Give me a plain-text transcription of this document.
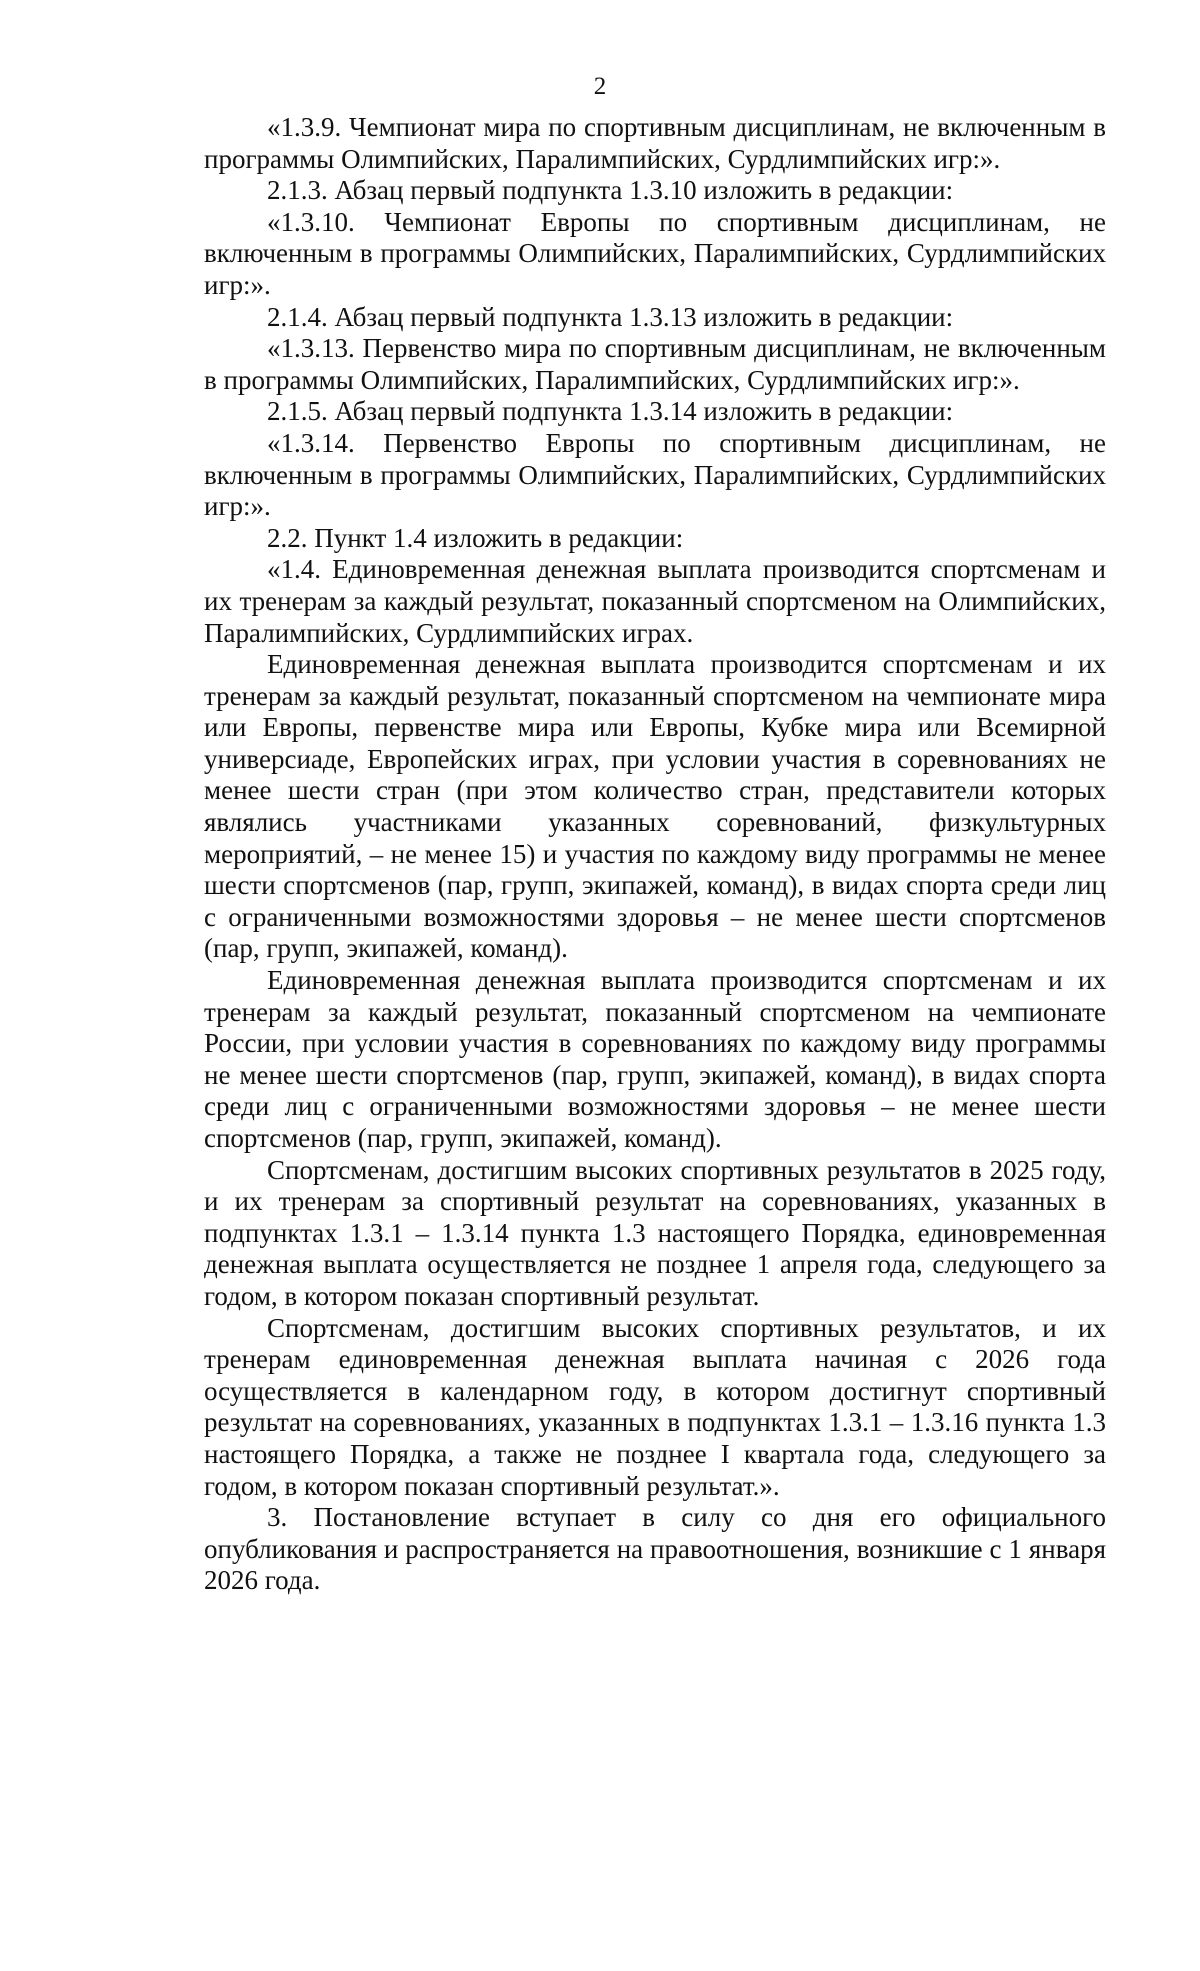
2

«1.3.9. Чемпионат мира по спортивным дисциплинам, не включенным в программы Олимпийских, Паралимпийских, Сурдлимпийских игр:».

2.1.3. Абзац первый подпункта 1.3.10 изложить в редакции:

«1.3.10. Чемпионат Европы по спортивным дисциплинам, не включенным в программы Олимпийских, Паралимпийских, Сурдлимпийских игр:».

2.1.4. Абзац первый подпункта 1.3.13 изложить в редакции:

«1.3.13. Первенство мира по спортивным дисциплинам, не включенным в программы Олимпийских, Паралимпийских, Сурдлимпийских игр:».

2.1.5. Абзац первый подпункта 1.3.14 изложить в редакции:

«1.3.14. Первенство Европы по спортивным дисциплинам, не включенным в программы Олимпийских, Паралимпийских, Сурдлимпийских игр:».

2.2. Пункт 1.4 изложить в редакции:

«1.4. Единовременная денежная выплата производится спортсменам и их тренерам за каждый результат, показанный спортсменом на Олимпийских, Паралимпийских, Сурдлимпийских играх.

Единовременная денежная выплата производится спортсменам и их тренерам за каждый результат, показанный спортсменом на чемпионате мира или Европы, первенстве мира или Европы, Кубке мира или Всемирной универсиаде, Европейских играх, при условии участия в соревнованиях не менее шести стран (при этом количество стран, представители которых являлись участниками указанных соревнований, физкультурных мероприятий, – не менее 15) и участия по каждому виду программы не менее шести спортсменов (пар, групп, экипажей, команд), в видах спорта среди лиц с ограниченными возможностями здоровья – не менее шести спортсменов (пар, групп, экипажей, команд).

Единовременная денежная выплата производится спортсменам и их тренерам за каждый результат, показанный спортсменом на чемпионате России, при условии участия в соревнованиях по каждому виду программы не менее шести спортсменов (пар, групп, экипажей, команд), в видах спорта среди лиц с ограниченными возможностями здоровья – не менее шести спортсменов (пар, групп, экипажей, команд).

Спортсменам, достигшим высоких спортивных результатов в 2025 году, и их тренерам за спортивный результат на соревнованиях, указанных в подпунктах 1.3.1 – 1.3.14 пункта 1.3 настоящего Порядка, единовременная денежная выплата осуществляется не позднее 1 апреля года, следующего за годом, в котором показан спортивный результат.

Спортсменам, достигшим высоких спортивных результатов, и их тренерам единовременная денежная выплата начиная с 2026 года осуществляется в календарном году, в котором достигнут спортивный результат на соревнованиях, указанных в подпунктах 1.3.1 – 1.3.16 пункта 1.3 настоящего Порядка, а также не позднее I квартала года, следующего за годом, в котором показан спортивный результат.».

3. Постановление вступает в силу со дня его официального опубликования и распространяется на правоотношения, возникшие с 1 января 2026 года.
